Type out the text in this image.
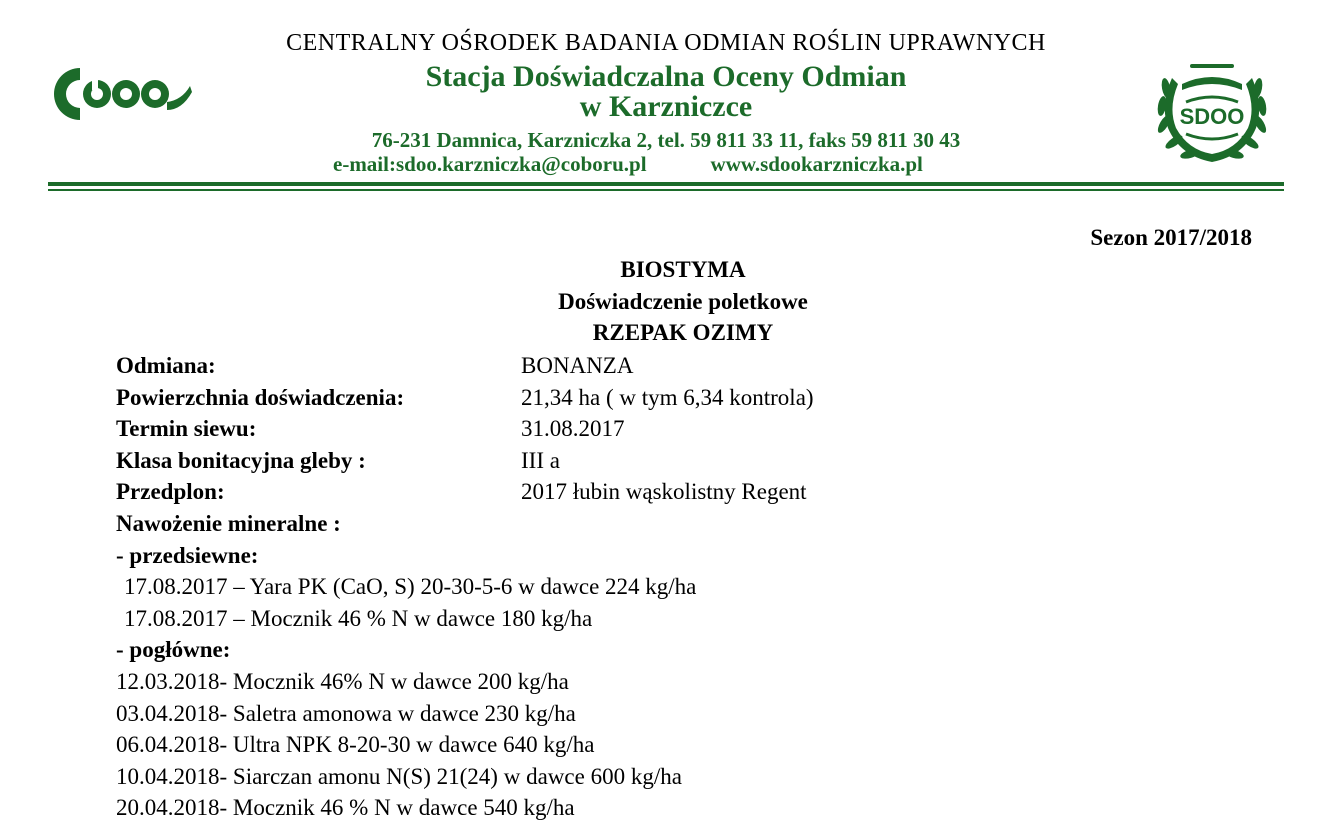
SDOO
CENTRALNY OŚRODEK BADANIA ODMIAN ROŚLIN UPRAWNYCH
Stacja Doświadczalna Oceny Odmian
w Karzniczce
76-231 Damnica, Karzniczka 2, tel. 59 811 33 11, faks 59 811 30 43
e-mail:sdoo.karzniczka@coboru.pl	www.sdookarzniczka.pl
Sezon 2017/2018
BIOSTYMA
Doświadczenie poletkowe
RZEPAK OZIMY
Odmiana:	BONANZA
Powierzchnia doświadczenia:	21,34 ha ( w tym 6,34 kontrola)
Termin siewu:	31.08.2017
Klasa bonitacyjna gleby :	III a
Przedplon:	2017 łubin wąskolistny Regent
Nawożenie mineralne :
- przedsiewne:
17.08.2017 – Yara PK (CaO, S) 20-30-5-6 w dawce 224 kg/ha
17.08.2017 – Mocznik 46 % N w dawce 180 kg/ha
- pogłówne:
12.03.2018- Mocznik 46% N w dawce 200 kg/ha
03.04.2018- Saletra amonowa w dawce 230 kg/ha
06.04.2018- Ultra NPK 8-20-30 w dawce 640 kg/ha
10.04.2018- Siarczan amonu N(S) 21(24) w dawce 600 kg/ha
20.04.2018- Mocznik 46 % N w dawce 540 kg/ha
